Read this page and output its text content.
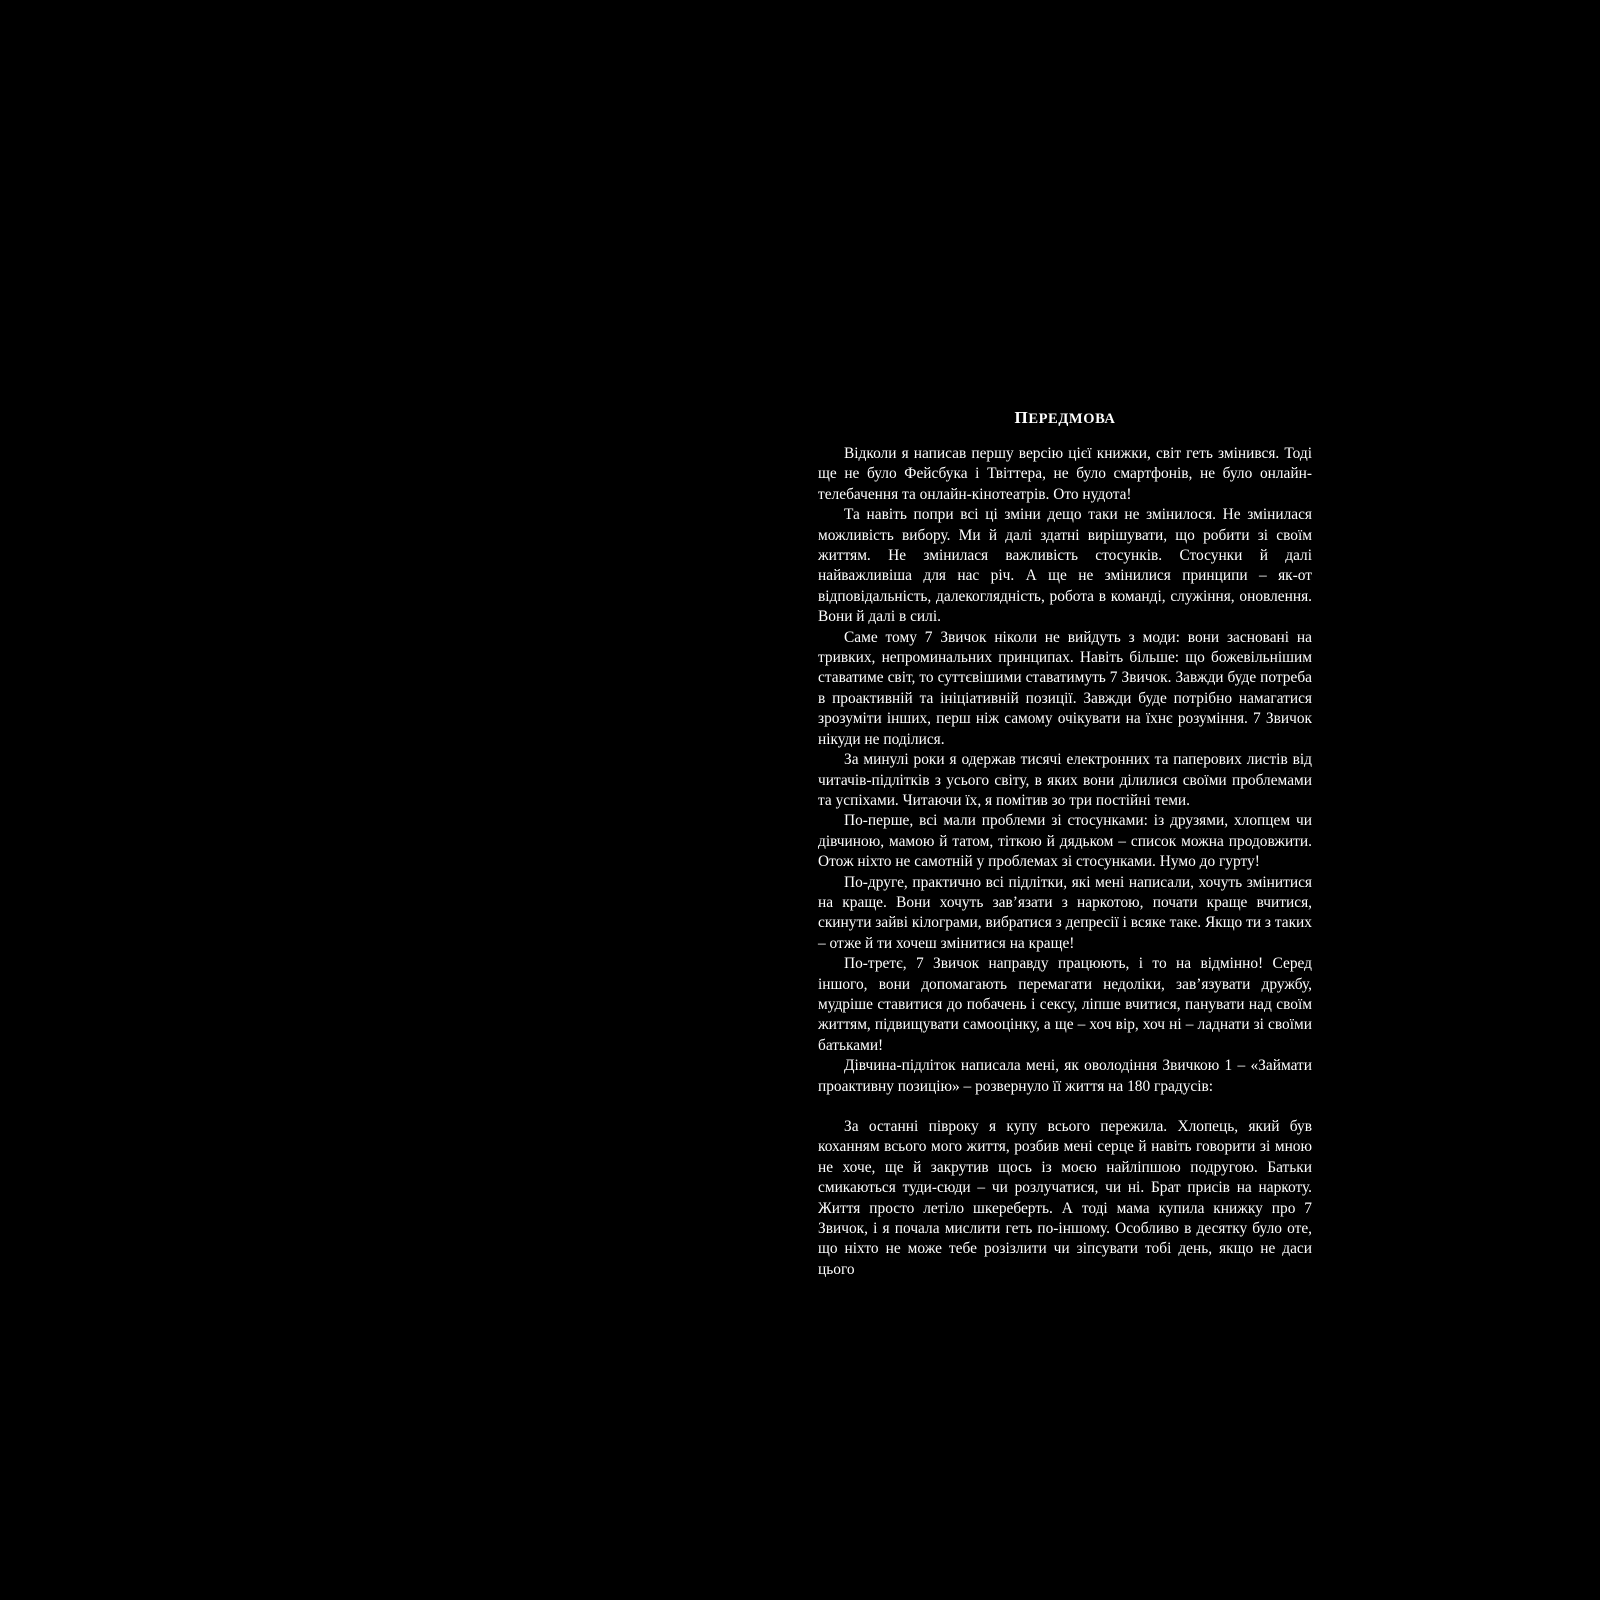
ПЕРЕДМОВА

Відколи я написав першу версію цієї книжки, світ геть змінився. Тоді ще не було Фейсбука і Твіттера, не було смартфонів, не було онлайн-телебачення та онлайн-кінотеатрів. Ото нудота!

Та навіть попри всі ці зміни дещо таки не змінилося. Не змінилася можливість вибору. Ми й далі здатні вирішувати, що робити зі своїм життям. Не змінилася важливість стосунків. Стосунки й далі найважливіша для нас річ. А ще не змінилися принципи – як-от відповідальність, далекоглядність, робота в команді, служіння, оновлення. Вони й далі в силі.

Саме тому 7 Звичок ніколи не вийдуть з моди: вони засновані на тривких, непроминальних принципах. Навіть більше: що божевільнішим ставатиме світ, то суттєвішими ставатимуть 7 Звичок. Завжди буде потреба в проактивній та ініціативній позиції. Завжди буде потрібно намагатися зрозуміти інших, перш ніж самому очікувати на їхнє розуміння. 7 Звичок нікуди не поділися.

За минулі роки я одержав тисячі електронних та паперових листів від читачів-підлітків з усього світу, в яких вони ділилися своїми проблемами та успіхами. Читаючи їх, я помітив зо три постійні теми.

По-перше, всі мали проблеми зі стосунками: із друзями, хлопцем чи дівчиною, мамою й татом, тіткою й дядьком – список можна продовжити. Отож ніхто не самотній у проблемах зі стосунками. Нумо до гурту!

По-друге, практично всі підлітки, які мені написали, хочуть змінитися на краще. Вони хочуть зав’язати з наркотою, почати краще вчитися, скинути зайві кілограми, вибратися з депресії і всяке таке. Якщо ти з таких – отже й ти хочеш змінитися на краще!

По-третє, 7 Звичок направду працюють, і то на відмінно! Серед іншого, вони допомагають перемагати недоліки, зав’язувати дружбу, мудріше ставитися до побачень і сексу, ліпше вчитися, панувати над своїм життям, підвищувати самооцінку, а ще – хоч вір, хоч ні – ладнати зі своїми батьками!

Дівчина-підліток написала мені, як оволодіння Звичкою 1 – «Займати проактивну позицію» – розвернуло її життя на 180 градусів:

За останні півроку я купу всього пережила. Хлопець, який був коханням всього мого життя, розбив мені серце й навіть говорити зі мною не хоче, ще й закрутив щось із моєю найліпшою подругою. Батьки смикаються туди-сюди – чи розлучатися, чи ні. Брат присів на наркоту. Життя просто летіло шкереберть. А тоді мама купила книжку про 7 Звичок, і я почала мислити геть по-іншому. Особливо в десятку було оте, що ніхто не може тебе розізлити чи зіпсувати тобі день, якщо не даси цього
